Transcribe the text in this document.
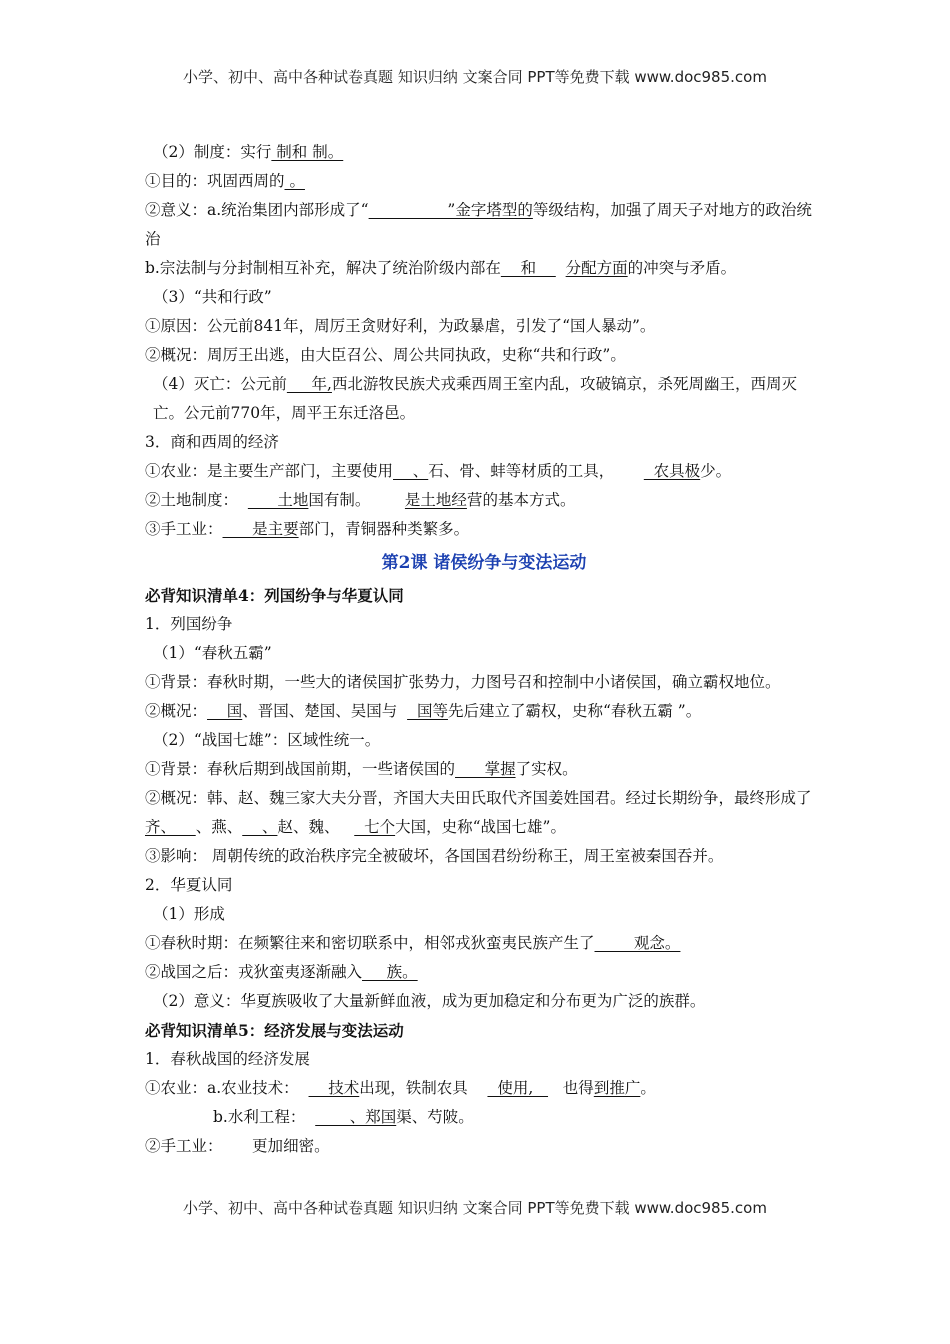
小学、初中、高中各种试卷真题 知识归纳 文案合同 PPT等免费下载 www.doc985.com
（2）制度：实行 制和 制。
①目的：巩固西周的 。
②意义：a.统治集团内部形成了“                ”金字塔型的等级结构，加强了周天子对地方的政治统治
b.宗法制与分封制相互补充，解决了统治阶级内部在    和      分配方面的冲突与矛盾。
（3）“共和行政”
①原因：公元前841年，周厉王贪财好利，为政暴虐，引发了“国人暴动”。
②概况：周厉王出逃，由大臣召公、周公共同执政，史称“共和行政”。
（4）灭亡：公元前     年,西北游牧民族犬戎乘西周王室内乱，攻破镐京，杀死周幽王，西周灭亡。公元前770年，周平王东迁洛邑。
3．商和西周的经济
①农业：是主要生产部门，主要使用    、石、骨、蚌等材质的工具，        农具极少。
②土地制度：        土地国有制。       是土地经营的基本方式。
③手工业：      是主要部门，青铜器种类繁多。
第2课 诸侯纷争与变法运动
必背知识清单4：列国纷争与华夏认同
1．列国纷争
（1）“春秋五霸”
①背景：春秋时期，一些大的诸侯国扩张势力，力图号召和控制中小诸侯国，确立霸权地位。
②概况：    国、晋国、楚国、吴国与    国等先后建立了霸权，史称“春秋五霸 ”。
（2）“战国七雄”：区域性统一。
①背景：春秋后期到战国前期，一些诸侯国的      掌握了实权。
②概况：韩、赵、魏三家大夫分晋，齐国大夫田氏取代齐国姜姓国君。经过长期纷争，最终形成了齐、    、燕、    、赵、魏、     七个大国，史称“战国七雄”。
③影响： 周朝传统的政治秩序完全被破坏，各国国君纷纷称王，周王室被秦国吞并。
2．华夏认同
（1）形成
①春秋时期：在频繁往来和密切联系中，相邻戎狄蛮夷民族产生了        观念。
②战国之后：戎狄蛮夷逐渐融入     族。
（2）意义：华夏族吸收了大量新鲜血液，成为更加稳定和分布更为广泛的族群。
必背知识清单5：经济发展与变法运动
1．春秋战国的经济发展
①农业：a.农业技术：      技术出现，铁制农具      使用,      也得到推广。
b.水利工程：         、郑国渠、芍陂。
②手工业：      更加细密。
小学、初中、高中各种试卷真题 知识归纳 文案合同 PPT等免费下载 www.doc985.com
